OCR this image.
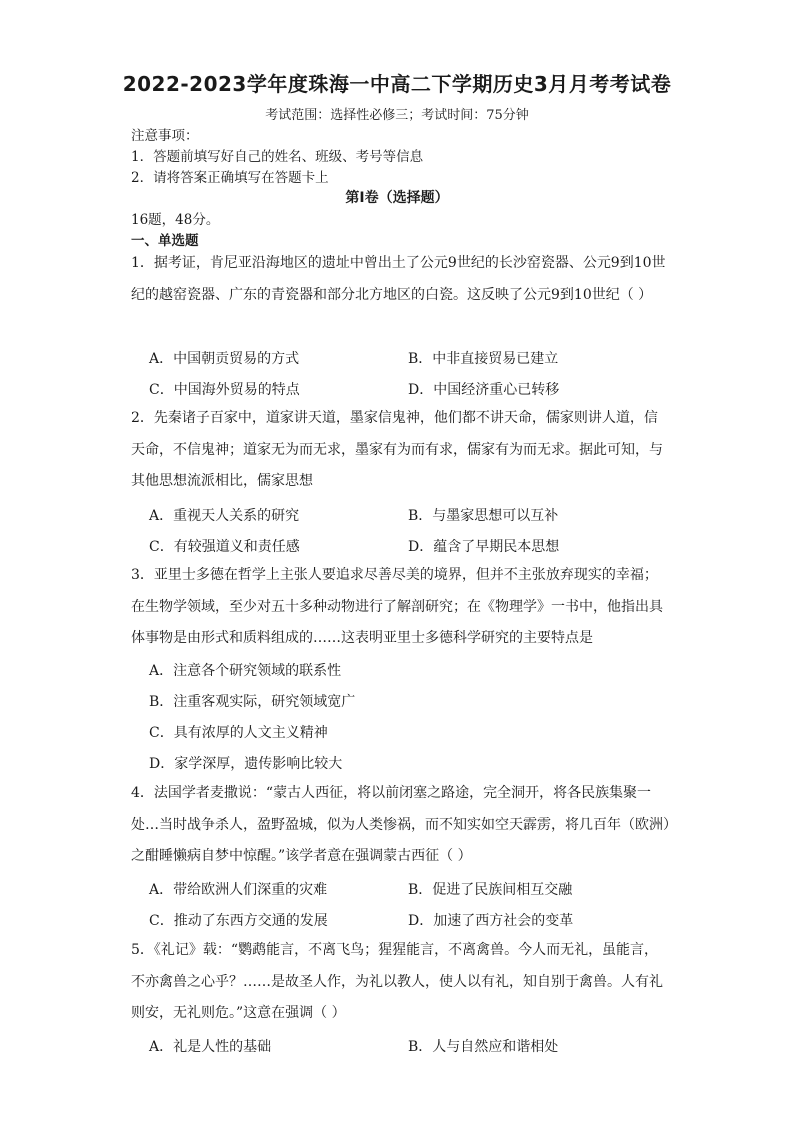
2022-2023学年度珠海一中高二下学期历史3月月考考试卷
考试范围：选择性必修三；考试时间：75分钟
注意事项：
1．答题前填写好自己的姓名、班级、考号等信息
2．请将答案正确填写在答题卡上
第I卷（选择题）
16题，48分。
一、单选题
1．据考证，肯尼亚沿海地区的遗址中曾出土了公元9世纪的长沙窑瓷器、公元9到10世纪的越窑瓷器、广东的青瓷器和部分北方地区的白瓷。这反映了公元9到10世纪（ ）
A．中国朝贡贸易的方式	B．中非直接贸易已建立
C．中国海外贸易的特点	D．中国经济重心已转移
2．先秦诸子百家中，道家讲天道，墨家信鬼神，他们都不讲天命，儒家则讲人道，信天命，不信鬼神；道家无为而无求，墨家有为而有求，儒家有为而无求。据此可知，与其他思想流派相比，儒家思想
A．重视天人关系的研究	B．与墨家思想可以互补
C．有较强道义和责任感	D．蕴含了早期民本思想
3．亚里士多德在哲学上主张人要追求尽善尽美的境界，但并不主张放弃现实的幸福；在生物学领域，至少对五十多种动物进行了解剖研究；在《物理学》一书中，他指出具体事物是由形式和质料组成的……这表明亚里士多德科学研究的主要特点是
A．注意各个研究领域的联系性
B．注重客观实际，研究领域宽广
C．具有浓厚的人文主义精神
D．家学深厚，遗传影响比较大
4．法国学者麦撒说：“蒙古人西征，将以前闭塞之路途，完全洞开，将各民族集聚一处…当时战争杀人，盈野盈城，似为人类惨祸，而不知实如空天霹雳，将几百年（欧洲）之酣睡懒病自梦中惊醒。”该学者意在强调蒙古西征（ ）
A．带给欧洲人们深重的灾难	B．促进了民族间相互交融
C．推动了东西方交通的发展	D．加速了西方社会的变革
5．《礼记》载：“鹦鹉能言，不离飞鸟；猩猩能言，不离禽兽。今人而无礼，虽能言，不亦禽兽之心乎？……是故圣人作，为礼以教人，使人以有礼，知自别于禽兽。人有礼则安，无礼则危。”这意在强调（ ）
A．礼是人性的基础	B．人与自然应和谐相处
